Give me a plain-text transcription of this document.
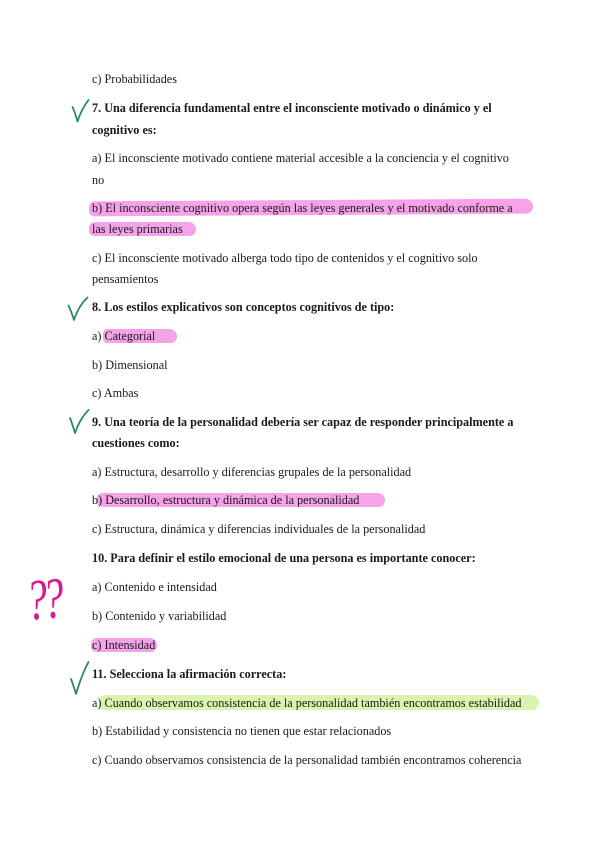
c) Probabilidades
7. Una diferencia fundamental entre el inconsciente motivado o dinámico y el
cognitivo es:
a) El inconsciente motivado contiene material accesible a la conciencia y el cognitivo
no
b) El inconsciente cognitivo opera según las leyes generales y el motivado conforme a
las leyes primarias
c) El inconsciente motivado alberga todo tipo de contenidos y el cognitivo solo
pensamientos
8. Los estilos explicativos son conceptos cognitivos de tipo:
a) Categorial
b) Dimensional
c) Ambas
9. Una teoría de la personalidad debería ser capaz de responder principalmente a
cuestiones como:
a) Estructura, desarrollo y diferencias grupales de la personalidad
b) Desarrollo, estructura y dinámica de la personalidad
c) Estructura, dinámica y diferencias individuales de la personalidad
10. Para definir el estilo emocional de una persona es importante conocer:
a) Contenido e intensidad
b) Contenido y variabilidad
c) Intensidad
??
11. Selecciona la afirmación correcta:
a) Cuando observamos consistencia de la personalidad también encontramos estabilidad
b) Estabilidad y consistencia no tienen que estar relacionados
c) Cuando observamos consistencia de la personalidad también encontramos coherencia
